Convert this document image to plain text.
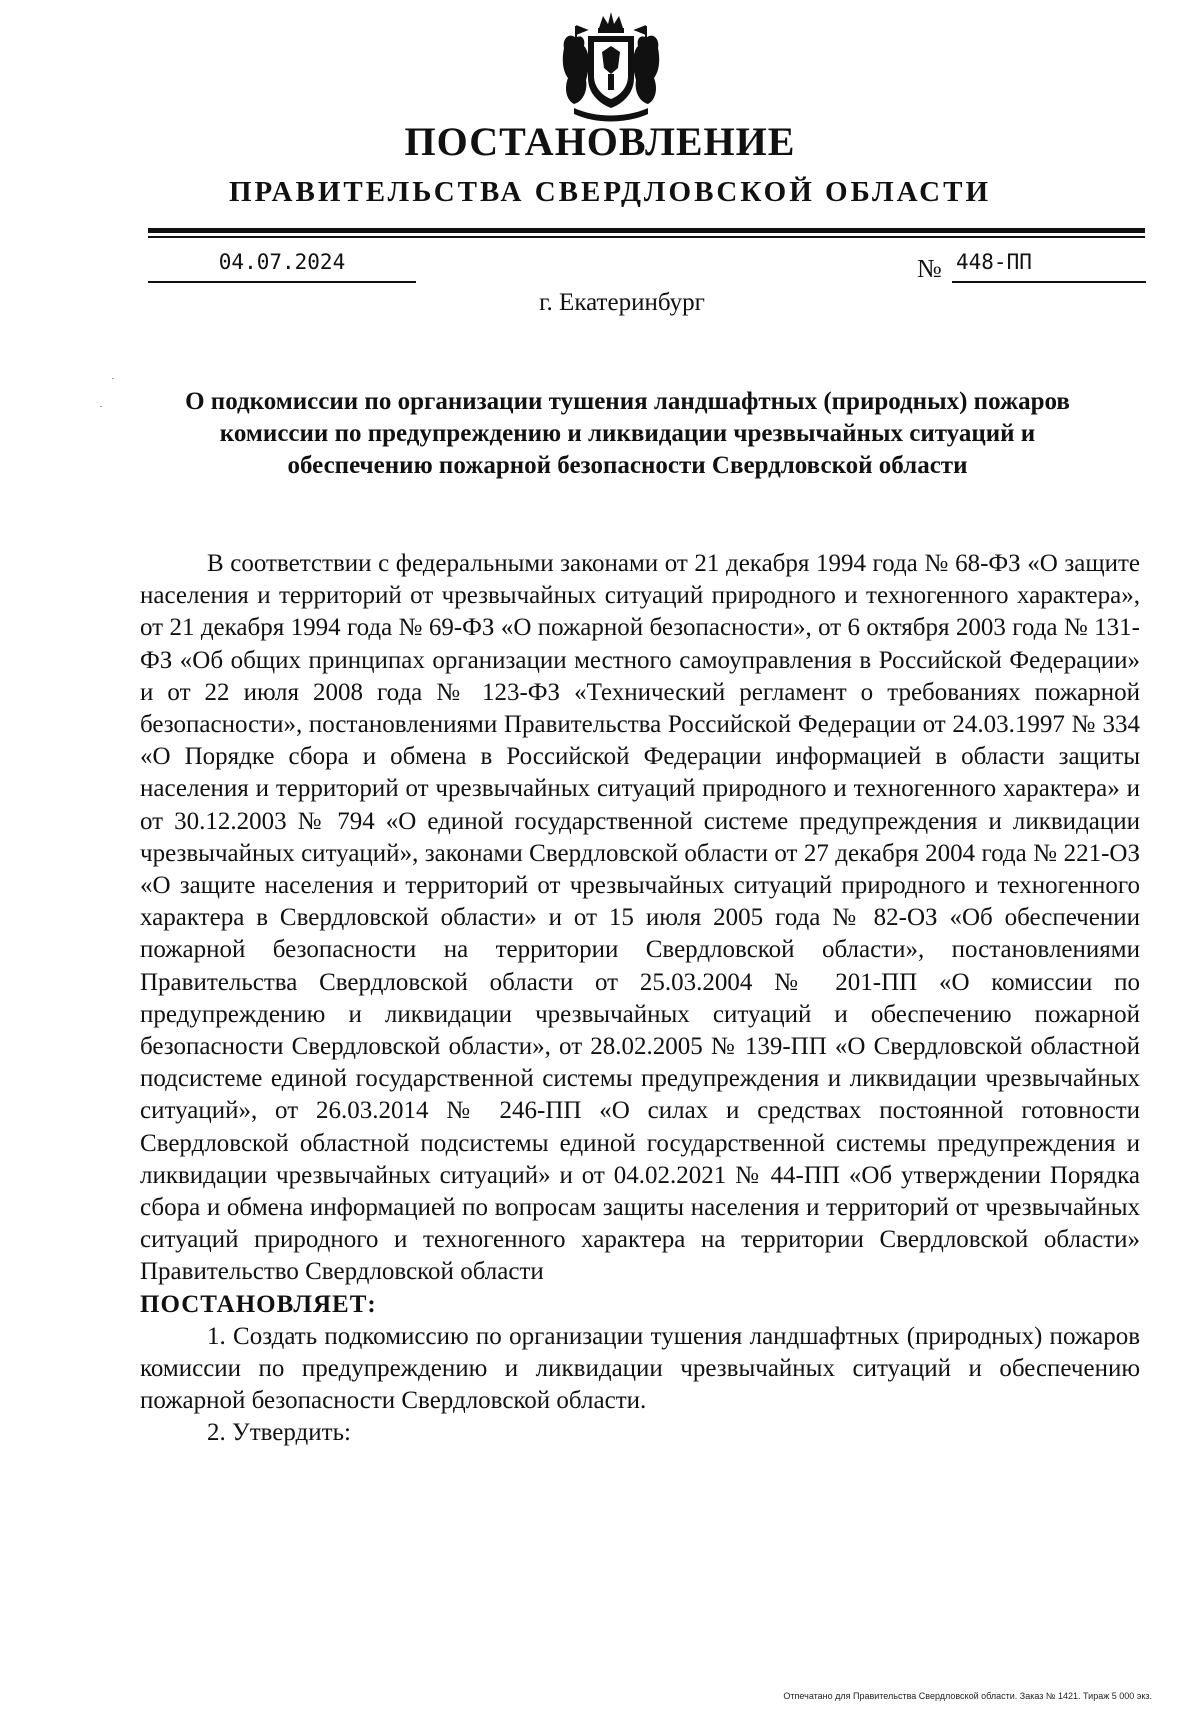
ПОСТАНОВЛЕНИЕ
ПРАВИТЕЛЬСТВА СВЕРДЛОВСКОЙ ОБЛАСТИ
04.07.2024	№ 448-ПП
г. Екатеринбург
О подкомиссии по организации тушения ландшафтных (природных) пожаров комиссии по предупреждению и ликвидации чрезвычайных ситуаций и обеспечению пожарной безопасности Свердловской области

В соответствии с федеральными законами от 21 декабря 1994 года № 68-ФЗ «О защите населения и территорий от чрезвычайных ситуаций природного и техногенного характера», от 21 декабря 1994 года № 69-ФЗ «О пожарной безопасности», от 6 октября 2003 года № 131-ФЗ «Об общих принципах организации местного самоуправления в Российской Федерации» и от 22 июля 2008 года № 123-ФЗ «Технический регламент о требованиях пожарной безопасности», постановлениями Правительства Российской Федерации от 24.03.1997 № 334 «О Порядке сбора и обмена в Российской Федерации информацией в области защиты населения и территорий от чрезвычайных ситуаций природного и техногенного характера» и от 30.12.2003 № 794 «О единой государственной системе предупреждения и ликвидации чрезвычайных ситуаций», законами Свердловской области от 27 декабря 2004 года № 221-ОЗ «О защите населения и территорий от чрезвычайных ситуаций природного и техногенного характера в Свердловской области» и от 15 июля 2005 года № 82-ОЗ «Об обеспечении пожарной безопасности на территории Свердловской области», постановлениями Правительства Свердловской области от 25.03.2004 № 201-ПП «О комиссии по предупреждению и ликвидации чрезвычайных ситуаций и обеспечению пожарной безопасности Свердловской области», от 28.02.2005 № 139-ПП «О Свердловской областной подсистеме единой государственной системы предупреждения и ликвидации чрезвычайных ситуаций», от 26.03.2014 № 246-ПП «О силах и средствах постоянной готовности Свердловской областной подсистемы единой государственной системы предупреждения и ликвидации чрезвычайных ситуаций» и от 04.02.2021 № 44-ПП «Об утверждении Порядка сбора и обмена информацией по вопросам защиты населения и территорий от чрезвычайных ситуаций природного и техногенного характера на территории Свердловской области» Правительство Свердловской области

ПОСТАНОВЛЯЕТ:

1. Создать подкомиссию по организации тушения ландшафтных (природных) пожаров комиссии по предупреждению и ликвидации чрезвычайных ситуаций и обеспечению пожарной безопасности Свердловской области.

2. Утвердить:

Отпечатано для Правительства Свердловской области. Заказ № 1421. Тираж 5 000 экз.
